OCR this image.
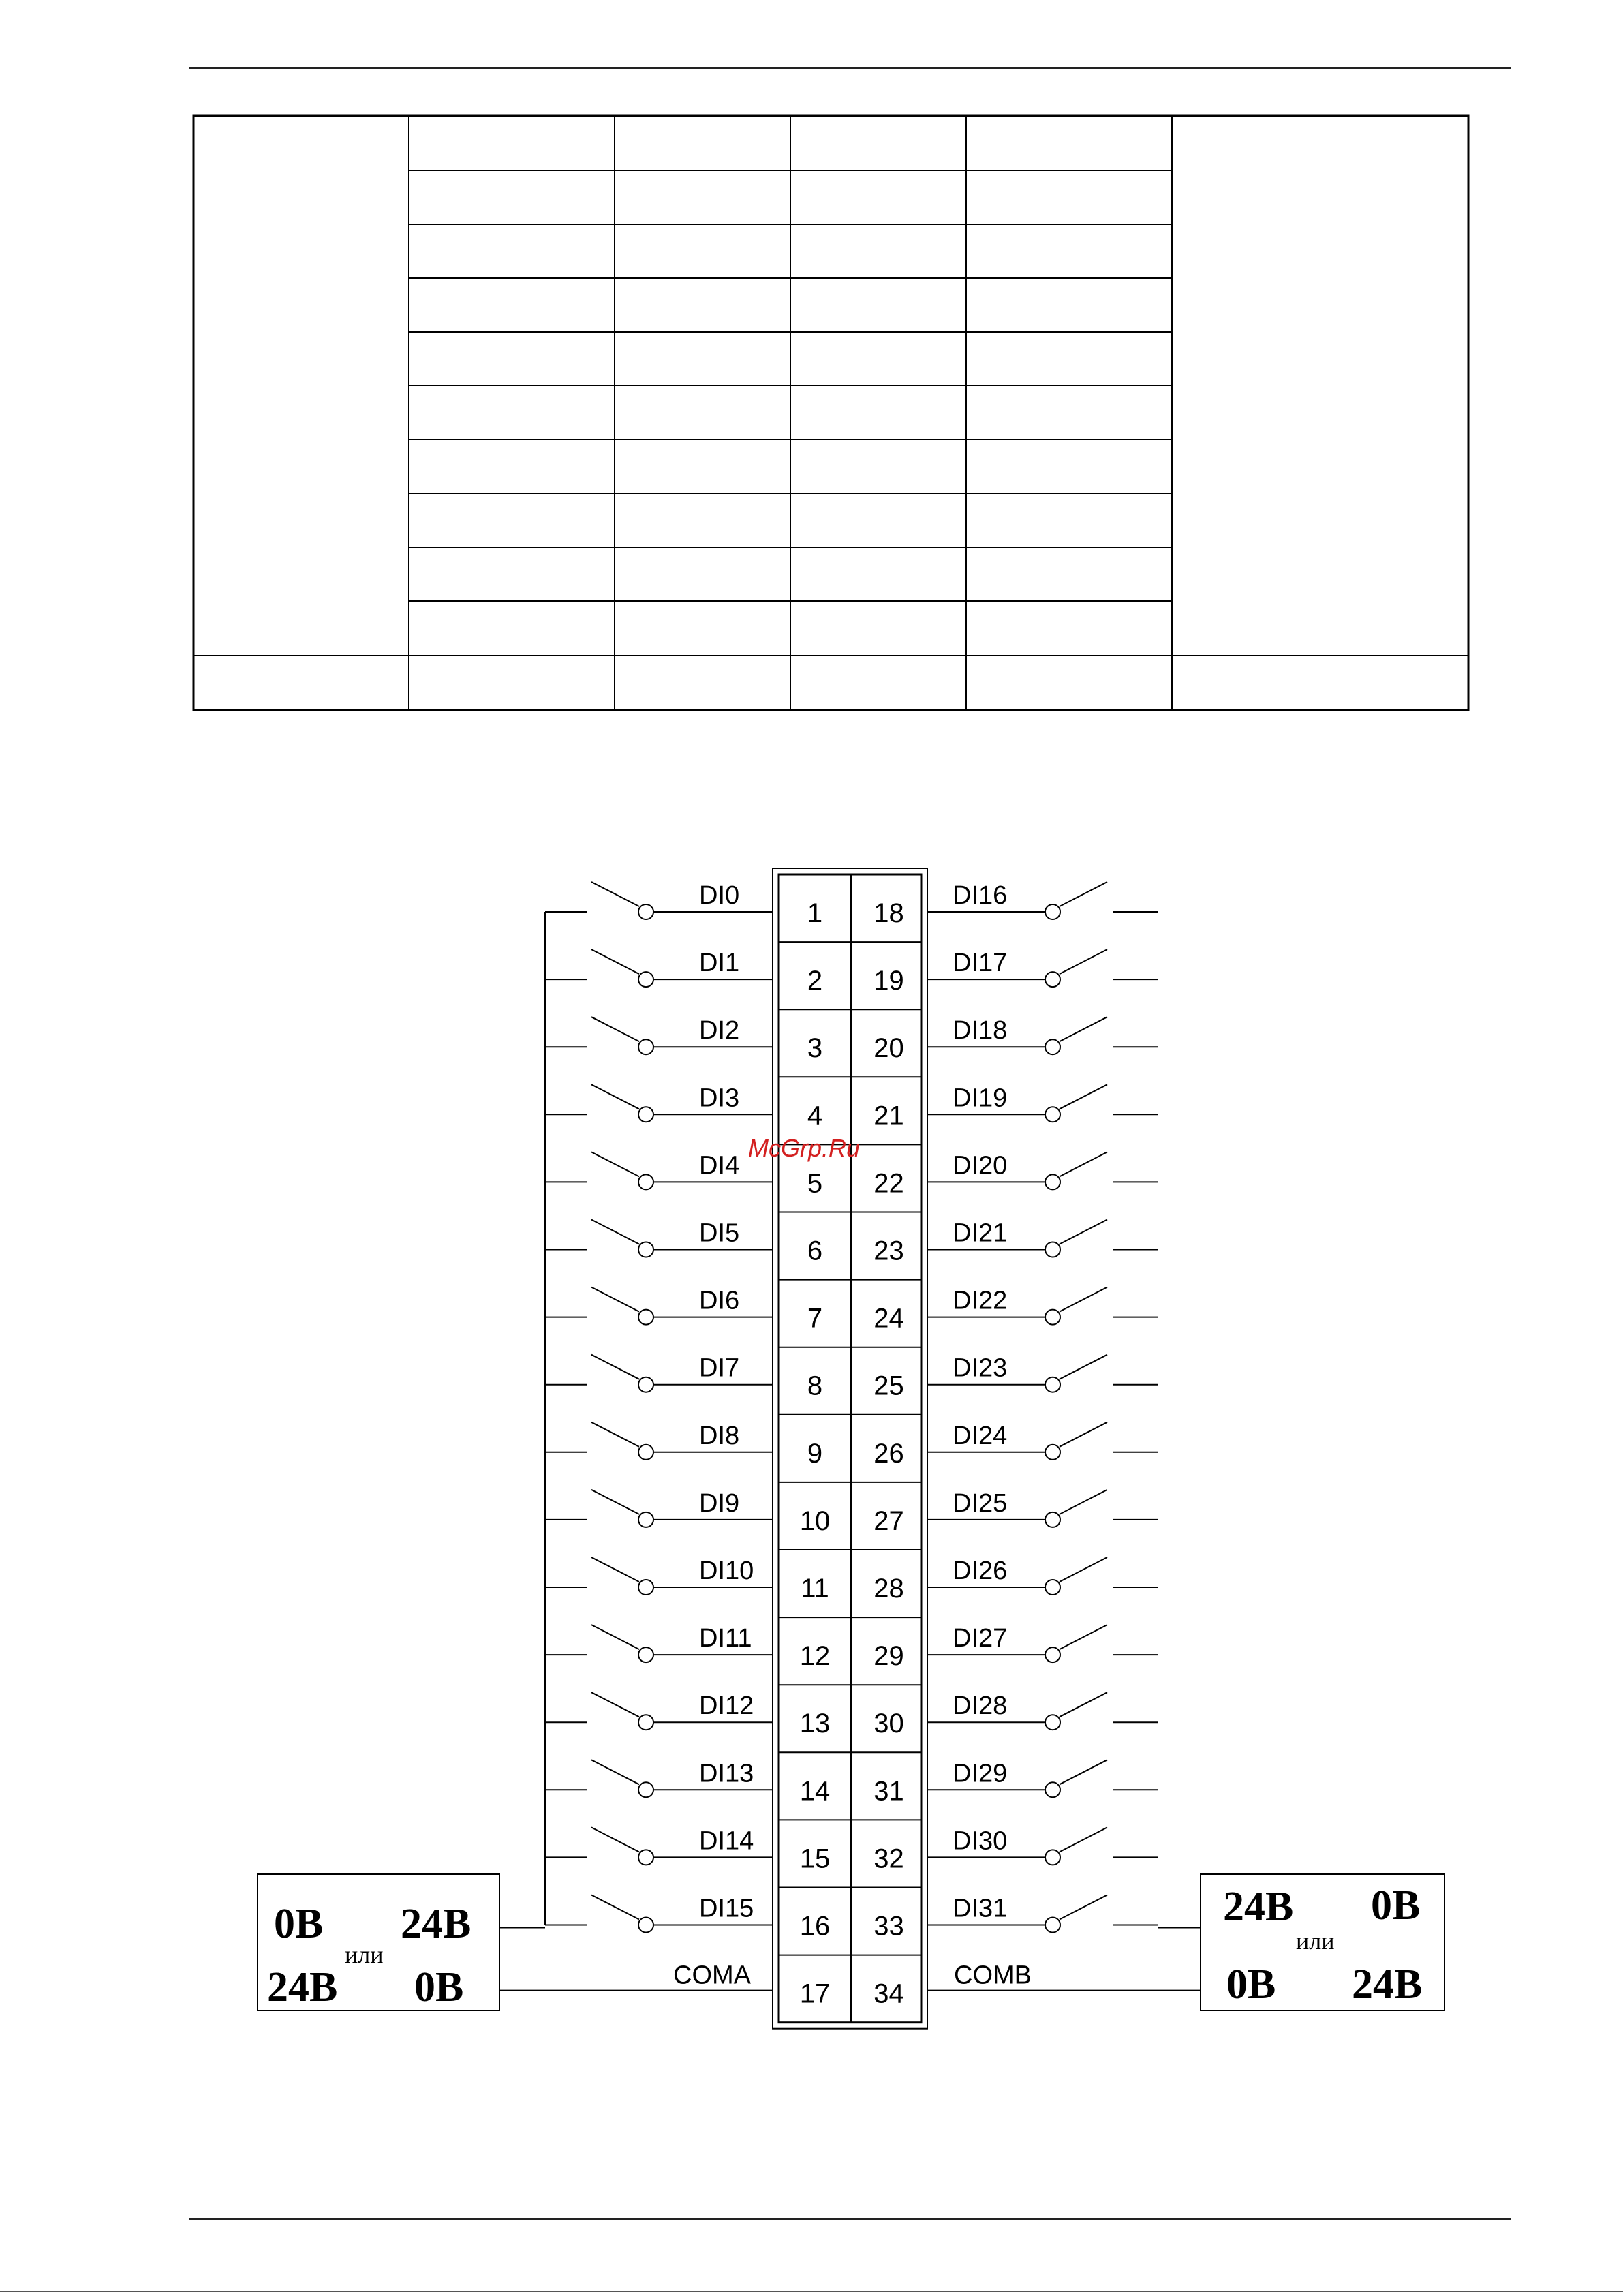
COMA	COMB
1 18
2 19
3 20
4 21
5 22
6 23
7 24
8 25
9 26
10 27
11 28
12 29
13 30
14 31
15 32
16 33
17 34
DI0
DI1
DI2
DI3
DI4
DI5
DI6
DI7
DI8
DI9
DI10
DI11
DI12
DI13
DI14
DI15
DI16
DI17
DI18
DI19
DI20
DI21
DI22
DI23
DI24
DI25
DI26
DI27
DI28
DI29
DI30
DI31
0В 24В
или
24В 0В
24В 0В
или
0В 24В
McGrp.Ru
